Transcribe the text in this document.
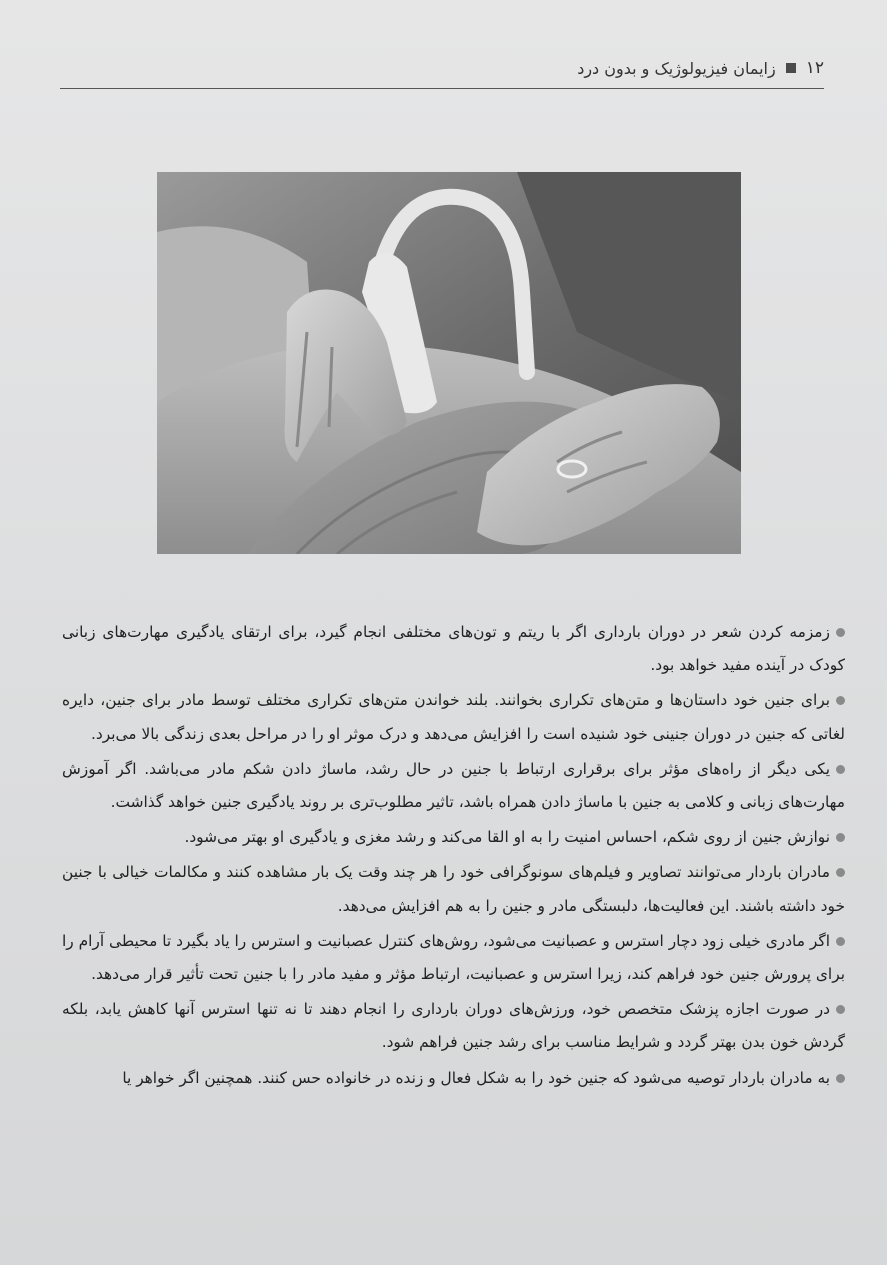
۱۲
زایمان فیزیولوژیک و بدون درد

زمزمه کردن شعر در دوران بارداری اگر با ریتم و تون‌های مختلفی انجام گیرد، برای ارتقای یادگیری مهارت‌های زبانی کودک در آینده مفید خواهد بود.

برای جنین خود داستان‌ها و متن‌های تکراری بخوانند. بلند خواندن متن‌های تکراری مختلف توسط مادر برای جنین، دایره لغاتی که جنین در دوران جنینی خود شنیده است را افزایش می‌دهد و درک موثر او را در مراحل بعدی زندگی بالا می‌برد.

یکی دیگر از راه‌های مؤثر برای برقراری ارتباط با جنین در حال رشد، ماساژ دادن شکم مادر می‌باشد. اگر آموزش مهارت‌های زبانی و کلامی به جنین با ماساژ دادن همراه باشد، تاثیر مطلوب‌تری بر روند یادگیری جنین خواهد گذاشت.

نوازش جنین از روی شکم، احساس امنیت را به او القا می‌کند و رشد مغزی و یادگیری او بهتر می‌شود.

مادران باردار می‌توانند تصاویر و فیلم‌های سونوگرافی خود را هر چند وقت یک بار مشاهده کنند و مکالمات خیالی با جنین خود داشته باشند. این فعالیت‌ها، دلبستگی مادر و جنین را به هم افزایش می‌دهد.

اگر مادری خیلی زود دچار استرس و عصبانیت می‌شود، روش‌های کنترل عصبانیت و استرس را یاد بگیرد تا محیطی آرام را برای پرورش جنین خود فراهم کند، زیرا استرس و عصبانیت، ارتباط مؤثر و مفید مادر را با جنین تحت تأثیر قرار می‌دهد.

در صورت اجازه پزشک متخصص خود، ورزش‌های دوران بارداری را انجام دهند تا نه تنها استرس آنها کاهش یابد، بلکه گردش خون بدن بهتر گردد و شرایط مناسب برای رشد جنین فراهم شود.

به مادران باردار توصیه می‌شود که جنین خود را به شکل فعال و زنده در خانواده حس کنند. همچنین اگر خواهر یا
